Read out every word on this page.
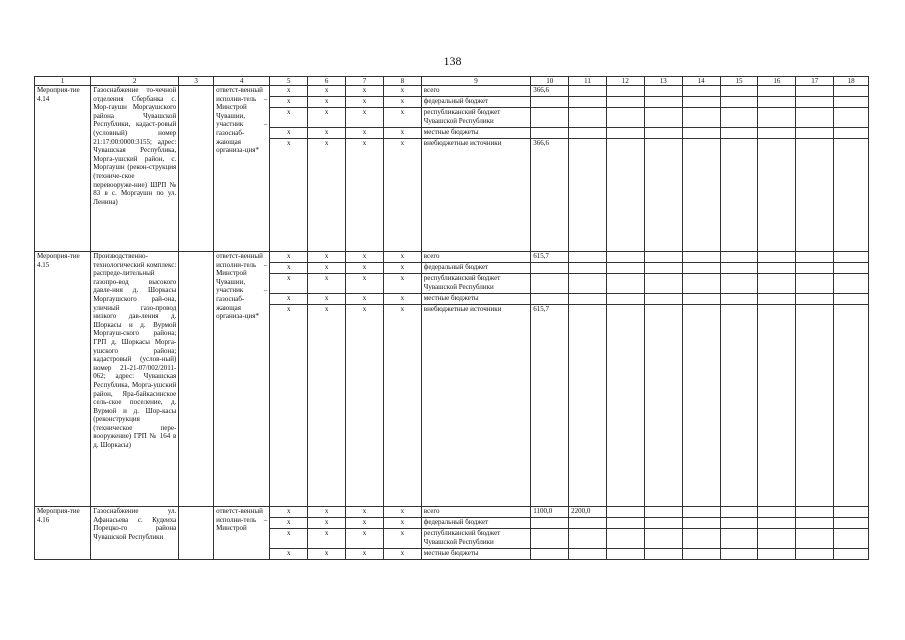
138
1	2	3	4	5	6	7	8	9	10	11	12	13	14	15	16	17	18
Мероприя-тие 4.14	Газоснабжение то-чечной отделения Сбербанка с. Мор-гаушн Моргаушского района Чувашской Республики, кадаст-ровый (условный) номер 21:17:00:0000:3155; адрес: Чувашская Республика, Морга-ушский район, с. Моргаушн (рекон-струкция (техниче-ское перевооруже-ние) ШРП № 83 в с. Моргаушн по ул. Ленина)		ответст-венный исполни-тель – Минстрой Чувашии, участник – газоснаб-жающая организа-ция*	x	x	x	x	всего	366,6								
				x	x	x	x	федеральный бюджет									
				x	x	x	x	республиканский бюджет Чувашской Республики									
				x	x	x	x	местные бюджеты									
				x	x	x	x	внебюджетные источники	366,6								
Мероприя-тие 4.15	Производственно-технологический комплекс: распреде-лительный газопро-вод высокого давле-ния д. Шоркасы Моргаушского рай-она, уличный газо-провод низкого дав-ления д. Шоркасы и д. Вурмой Моргауш-ского района; ГРП д. Шоркасы Морга-ушского района; кадастровый (услов-ный) номер 21-21-07/002/2011-062; адрес: Чувашская Республика, Морга-ушский район, Яра-байкасинское сель-ское поселение, д. Вурмой и д. Шор-касы (реконструкция (техническое пере-вооружение) ГРП № 164 в д. Шоркасы)		ответст-венный исполни-тель – Минстрой Чувашии, участник – газоснаб-жающая организа-ция*	x	x	x	x	всего	615,7								
				x	x	x	x	федеральный бюджет									
				x	x	x	x	республиканский бюджет Чувашской Республики									
				x	x	x	x	местные бюджеты									
				x	x	x	x	внебюджетные источники	615,7								
Мероприя-тие 4.16	Газоснабжение ул. Афанасьева с. Кудеиха Порецко-го района Чувашской Республики		ответст-венный исполни-тель – Минстрой	x	x	x	x	всего	1100,0	2200,0							
				x	x	x	x	федеральный бюджет									
				x	x	x	x	республиканский бюджет Чувашской Республики									
				x	x	x	x	местные бюджеты									
